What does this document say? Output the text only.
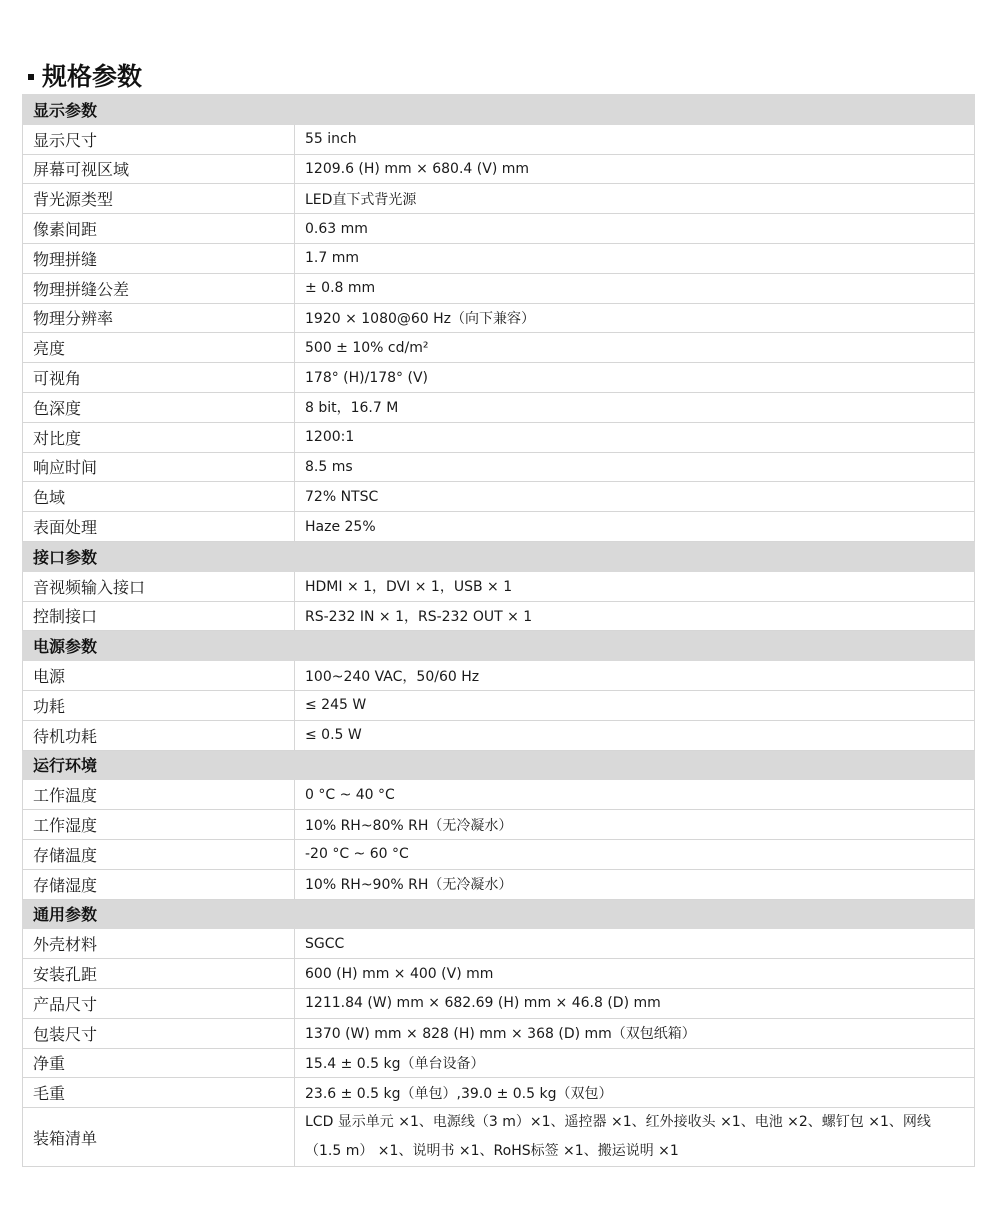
规格参数
显示参数	
显示尺寸	55 inch
屏幕可视区域	1209.6 (H) mm × 680.4 (V) mm
背光源类型	LED直下式背光源
像素间距	0.63 mm
物理拼缝	1.7 mm
物理拼缝公差	± 0.8 mm
物理分辨率	1920 × 1080@60 Hz（向下兼容）
亮度	500 ± 10% cd/m²
可视角	178° (H)/178° (V)
色深度	8 bit，16.7 M
对比度	1200:1
响应时间	8.5 ms
色域	72% NTSC
表面处理	Haze 25%
接口参数	
音视频输入接口	HDMI × 1，DVI × 1，USB × 1
控制接口	RS-232 IN × 1，RS-232 OUT × 1
电源参数	
电源	100~240 VAC，50/60 Hz
功耗	≤ 245 W
待机功耗	≤ 0.5 W
运行环境	
工作温度	0 °C ~ 40 °C
工作湿度	10% RH~80% RH（无冷凝水）
存储温度	-20 °C ~ 60 °C
存储湿度	10% RH~90% RH（无冷凝水）
通用参数	
外壳材料	SGCC
安装孔距	600 (H) mm × 400 (V) mm
产品尺寸	1211.84 (W) mm × 682.69 (H) mm × 46.8 (D) mm
包装尺寸	1370 (W) mm × 828 (H) mm × 368 (D) mm（双包纸箱）
净重	15.4 ± 0.5 kg（单台设备）
毛重	23.6 ± 0.5 kg（单包）,39.0 ± 0.5 kg（双包）
装箱清单	LCD 显示单元 ×1、电源线（3 m）×1、遥控器 ×1、红外接收头 ×1、电池 ×2、螺钉包 ×1、网线（1.5 m） ×1、说明书 ×1、RoHS标签 ×1、搬运说明 ×1
